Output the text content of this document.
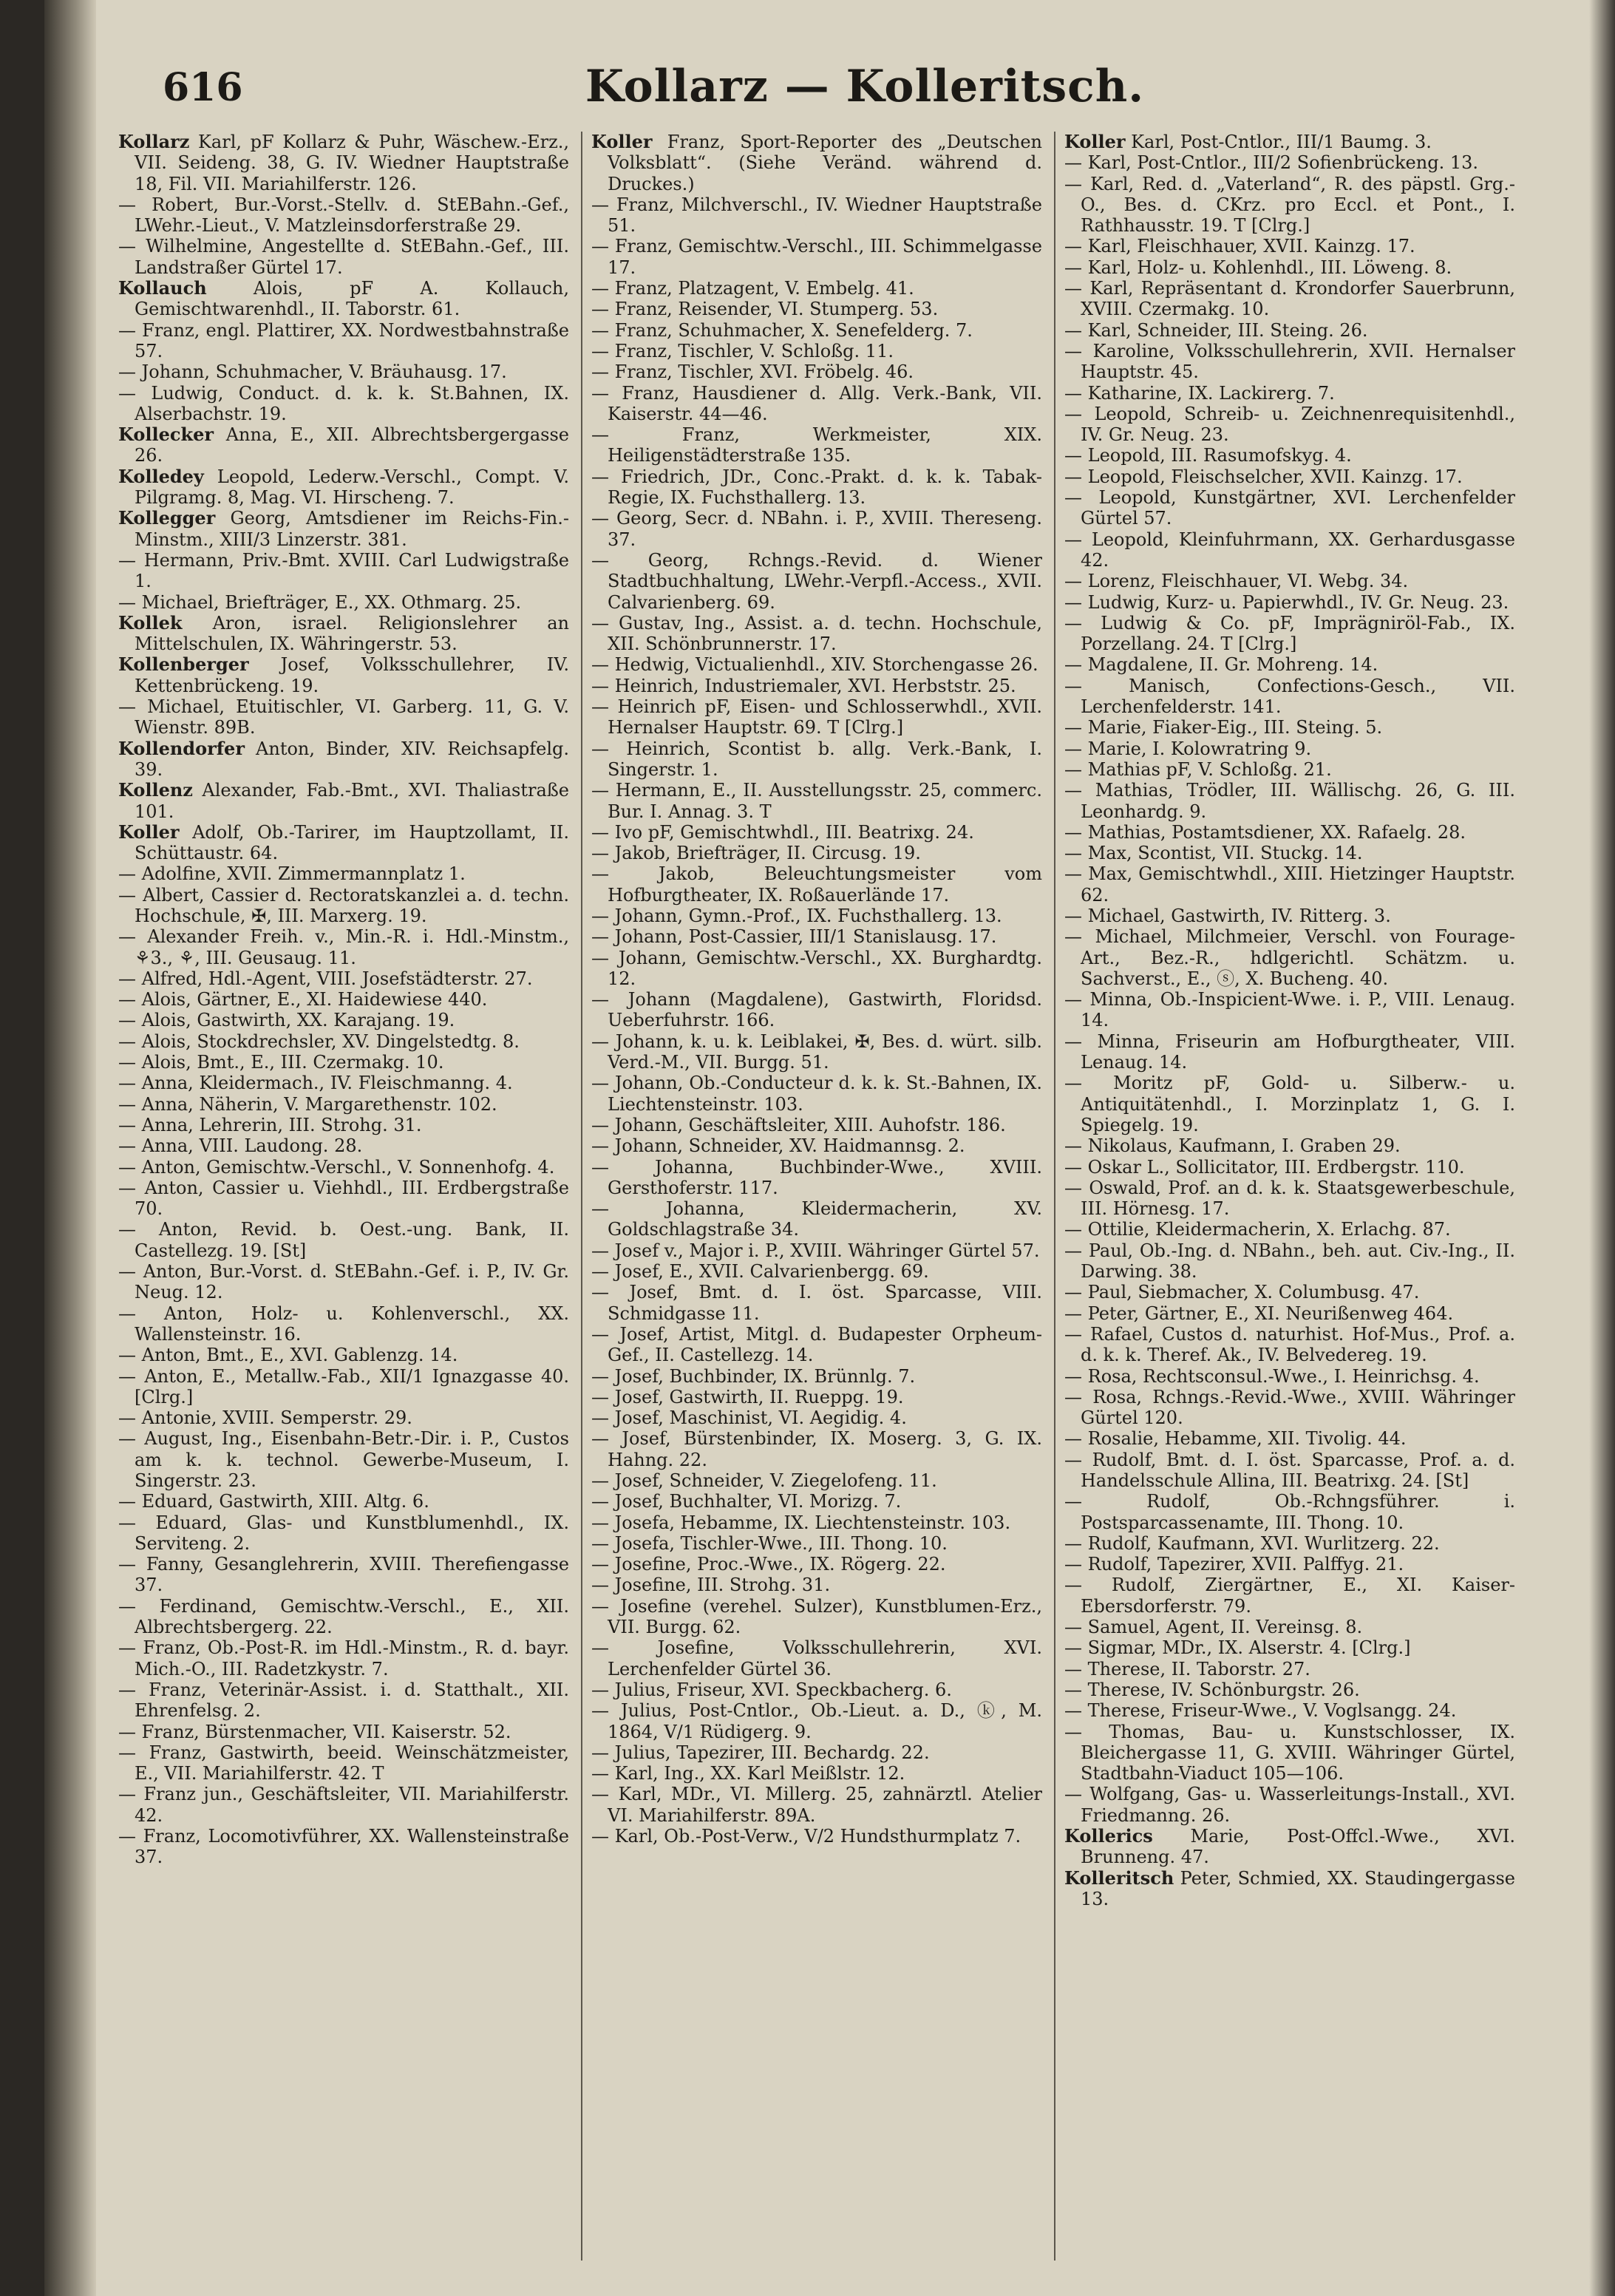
616	Kollarz — Kolleritsch.
Kollarz Karl, pF Kollarz & Puhr, Wäschew.-Erz., VII. Seideng. 38, G. IV. Wiedner Hauptstraße 18, Fil. VII. Mariahilferstr. 126.
— Robert, Bur.-Vorst.-Stellv. d. StEBahn.-Gef., LWehr.-Lieut., V. Matzleinsdorferstraße 29.
— Wilhelmine, Angestellte d. StEBahn.-Gef., III. Landstraßer Gürtel 17.
Kollauch Alois, pF A. Kollauch, Gemischtwarenhdl., II. Taborstr. 61.
— Franz, engl. Plattirer, XX. Nordwestbahnstraße 57.
— Johann, Schuhmacher, V. Bräuhausg. 17.
— Ludwig, Conduct. d. k. k. St.Bahnen, IX. Alserbachstr. 19.
Kollecker Anna, E., XII. Albrechtsbergergasse 26.
Kolledey Leopold, Lederw.-Verschl., Compt. V. Pilgramg. 8, Mag. VI. Hirscheng. 7.
Kollegger Georg, Amtsdiener im Reichs-Fin.-Minstm., XIII/3 Linzerstr. 381.
— Hermann, Priv.-Bmt. XVIII. Carl Ludwigstraße 1.
— Michael, Briefträger, E., XX. Othmarg. 25.
Kollek Aron, israel. Religionslehrer an Mittelschulen, IX. Währingerstr. 53.
Kollenberger Josef, Volksschullehrer, IV. Kettenbrückeng. 19.
— Michael, Etuitischler, VI. Garberg. 11, G. V. Wienstr. 89B.
Kollendorfer Anton, Binder, XIV. Reichsapfelg. 39.
Kollenz Alexander, Fab.-Bmt., XVI. Thaliastraße 101.
Koller Adolf, Ob.-Tarirer, im Hauptzollamt, II. Schüttaustr. 64.
— Adolfine, XVII. Zimmermannplatz 1.
— Albert, Cassier d. Rectoratskanzlei a. d. techn. Hochschule, ✠, III. Marxerg. 19.
— Alexander Freih. v., Min.-R. i. Hdl.-Minstm., ⚘3., ⚘, III. Geusaug. 11.
— Alfred, Hdl.-Agent, VIII. Josefstädterstr. 27.
— Alois, Gärtner, E., XI. Haidewiese 440.
— Alois, Gastwirth, XX. Karajang. 19.
— Alois, Stockdrechsler, XV. Dingelstedtg. 8.
— Alois, Bmt., E., III. Czermakg. 10.
— Anna, Kleidermach., IV. Fleischmanng. 4.
— Anna, Näherin, V. Margarethenstr. 102.
— Anna, Lehrerin, III. Strohg. 31.
— Anna, VIII. Laudong. 28.
— Anton, Gemischtw.-Verschl., V. Sonnenhofg. 4.
— Anton, Cassier u. Viehhdl., III. Erdbergstraße 70.
— Anton, Revid. b. Oest.-ung. Bank, II. Castellezg. 19. [St]
— Anton, Bur.-Vorst. d. StEBahn.-Gef. i. P., IV. Gr. Neug. 12.
— Anton, Holz- u. Kohlenverschl., XX. Wallensteinstr. 16.
— Anton, Bmt., E., XVI. Gablenzg. 14.
— Anton, E., Metallw.-Fab., XII/1 Ignazgasse 40. [Clrg.]
— Antonie, XVIII. Semperstr. 29.
— August, Ing., Eisenbahn-Betr.-Dir. i. P., Custos am k. k. technol. Gewerbe-Museum, I. Singerstr. 23.
— Eduard, Gastwirth, XIII. Altg. 6.
— Eduard, Glas- und Kunstblumenhdl., IX. Serviteng. 2.
— Fanny, Gesanglehrerin, XVIII. Therefiengasse 37.
— Ferdinand, Gemischtw.-Verschl., E., XII. Albrechtsbergerg. 22.
— Franz, Ob.-Post-R. im Hdl.-Minstm., R. d. bayr. Mich.-O., III. Radetzkystr. 7.
— Franz, Veterinär-Assist. i. d. Statthalt., XII. Ehrenfelsg. 2.
— Franz, Bürstenmacher, VII. Kaiserstr. 52.
— Franz, Gastwirth, beeid. Weinschätzmeister, E., VII. Mariahilferstr. 42. T
— Franz jun., Geschäftsleiter, VII. Mariahilferstr. 42.
— Franz, Locomotivführer, XX. Wallensteinstraße 37.
Koller Franz, Sport-Reporter des „Deutschen Volksblatt“. (Siehe Veränd. während d. Druckes.)
— Franz, Milchverschl., IV. Wiedner Hauptstraße 51.
— Franz, Gemischtw.-Verschl., III. Schimmelgasse 17.
— Franz, Platzagent, V. Embelg. 41.
— Franz, Reisender, VI. Stumperg. 53.
— Franz, Schuhmacher, X. Senefelderg. 7.
— Franz, Tischler, V. Schloßg. 11.
— Franz, Tischler, XVI. Fröbelg. 46.
— Franz, Hausdiener d. Allg. Verk.-Bank, VII. Kaiserstr. 44—46.
— Franz, Werkmeister, XIX. Heiligenstädterstraße 135.
— Friedrich, JDr., Conc.-Prakt. d. k. k. Tabak-Regie, IX. Fuchsthallerg. 13.
— Georg, Secr. d. NBahn. i. P., XVIII. Thereseng. 37.
— Georg, Rchngs.-Revid. d. Wiener Stadtbuchhaltung, LWehr.-Verpfl.-Access., XVII. Calvarienberg. 69.
— Gustav, Ing., Assist. a. d. techn. Hochschule, XII. Schönbrunnerstr. 17.
— Hedwig, Victualienhdl., XIV. Storchengasse 26.
— Heinrich, Industriemaler, XVI. Herbststr. 25.
— Heinrich pF, Eisen- und Schlosserwhdl., XVII. Hernalser Hauptstr. 69. T [Clrg.]
— Heinrich, Scontist b. allg. Verk.-Bank, I. Singerstr. 1.
— Hermann, E., II. Ausstellungsstr. 25, commerc. Bur. I. Annag. 3. T
— Ivo pF, Gemischtwhdl., III. Beatrixg. 24.
— Jakob, Briefträger, II. Circusg. 19.
— Jakob, Beleuchtungsmeister vom Hofburgtheater, IX. Roßauerlände 17.
— Johann, Gymn.-Prof., IX. Fuchsthallerg. 13.
— Johann, Post-Cassier, III/1 Stanislausg. 17.
— Johann, Gemischtw.-Verschl., XX. Burghardtg. 12.
— Johann (Magdalene), Gastwirth, Floridsd. Ueberfuhrstr. 166.
— Johann, k. u. k. Leiblakei, ✠, Bes. d. würt. silb. Verd.-M., VII. Burgg. 51.
— Johann, Ob.-Conducteur d. k. k. St.-Bahnen, IX. Liechtensteinstr. 103.
— Johann, Geschäftsleiter, XIII. Auhofstr. 186.
— Johann, Schneider, XV. Haidmannsg. 2.
— Johanna, Buchbinder-Wwe., XVIII. Gersthoferstr. 117.
— Johanna, Kleidermacherin, XV. Goldschlagstraße 34.
— Josef v., Major i. P., XVIII. Währinger Gürtel 57.
— Josef, E., XVII. Calvarienbergg. 69.
— Josef, Bmt. d. I. öst. Sparcasse, VIII. Schmidgasse 11.
— Josef, Artist, Mitgl. d. Budapester Orpheum-Gef., II. Castellezg. 14.
— Josef, Buchbinder, IX. Brünnlg. 7.
— Josef, Gastwirth, II. Rueppg. 19.
— Josef, Maschinist, VI. Aegidig. 4.
— Josef, Bürstenbinder, IX. Moserg. 3, G. IX. Hahng. 22.
— Josef, Schneider, V. Ziegelofeng. 11.
— Josef, Buchhalter, VI. Morizg. 7.
— Josefa, Hebamme, IX. Liechtensteinstr. 103.
— Josefa, Tischler-Wwe., III. Thong. 10.
— Josefine, Proc.-Wwe., IX. Rögerg. 22.
— Josefine, III. Strohg. 31.
— Josefine (verehel. Sulzer), Kunstblumen-Erz., VII. Burgg. 62.
— Josefine, Volksschullehrerin, XVI. Lerchenfelder Gürtel 36.
— Julius, Friseur, XVI. Speckbacherg. 6.
— Julius, Post-Cntlor., Ob.-Lieut. a. D., ⓚ, M. 1864, V/1 Rüdigerg. 9.
— Julius, Tapezirer, III. Bechardg. 22.
— Karl, Ing., XX. Karl Meißlstr. 12.
— Karl, MDr., VI. Millerg. 25, zahnärztl. Atelier VI. Mariahilferstr. 89A.
— Karl, Ob.-Post-Verw., V/2 Hundsthurmplatz 7.
Koller Karl, Post-Cntlor., III/1 Baumg. 3.
— Karl, Post-Cntlor., III/2 Sofienbrückeng. 13.
— Karl, Red. d. „Vaterland“, R. des päpstl. Grg.-O., Bes. d. CKrz. pro Eccl. et Pont., I. Rathhausstr. 19. T [Clrg.]
— Karl, Fleischhauer, XVII. Kainzg. 17.
— Karl, Holz- u. Kohlenhdl., III. Löweng. 8.
— Karl, Repräsentant d. Krondorfer Sauerbrunn, XVIII. Czermakg. 10.
— Karl, Schneider, III. Steing. 26.
— Karoline, Volksschullehrerin, XVII. Hernalser Hauptstr. 45.
— Katharine, IX. Lackirerg. 7.
— Leopold, Schreib- u. Zeichnenrequisitenhdl., IV. Gr. Neug. 23.
— Leopold, III. Rasumofskyg. 4.
— Leopold, Fleischselcher, XVII. Kainzg. 17.
— Leopold, Kunstgärtner, XVI. Lerchenfelder Gürtel 57.
— Leopold, Kleinfuhrmann, XX. Gerhardusgasse 42.
— Lorenz, Fleischhauer, VI. Webg. 34.
— Ludwig, Kurz- u. Papierwhdl., IV. Gr. Neug. 23.
— Ludwig & Co. pF, Imprägniröl-Fab., IX. Porzellang. 24. T [Clrg.]
— Magdalene, II. Gr. Mohreng. 14.
— Manisch, Confections-Gesch., VII. Lerchenfelderstr. 141.
— Marie, Fiaker-Eig., III. Steing. 5.
— Marie, I. Kolowratring 9.
— Mathias pF, V. Schloßg. 21.
— Mathias, Trödler, III. Wällischg. 26, G. III. Leonhardg. 9.
— Mathias, Postamtsdiener, XX. Rafaelg. 28.
— Max, Scontist, VII. Stuckg. 14.
— Max, Gemischtwhdl., XIII. Hietzinger Hauptstr. 62.
— Michael, Gastwirth, IV. Ritterg. 3.
— Michael, Milchmeier, Verschl. von Fourage-Art., Bez.-R., hdlgerichtl. Schätzm. u. Sachverst., E., ⓢ, X. Bucheng. 40.
— Minna, Ob.-Inspicient-Wwe. i. P., VIII. Lenaug. 14.
— Minna, Friseurin am Hofburgtheater, VIII. Lenaug. 14.
— Moritz pF, Gold- u. Silberw.- u. Antiquitätenhdl., I. Morzinplatz 1, G. I. Spiegelg. 19.
— Nikolaus, Kaufmann, I. Graben 29.
— Oskar L., Sollicitator, III. Erdbergstr. 110.
— Oswald, Prof. an d. k. k. Staatsgewerbeschule, III. Hörnesg. 17.
— Ottilie, Kleidermacherin, X. Erlachg. 87.
— Paul, Ob.-Ing. d. NBahn., beh. aut. Civ.-Ing., II. Darwing. 38.
— Paul, Siebmacher, X. Columbusg. 47.
— Peter, Gärtner, E., XI. Neurißenweg 464.
— Rafael, Custos d. naturhist. Hof-Mus., Prof. a. d. k. k. Theref. Ak., IV. Belvedereg. 19.
— Rosa, Rechtsconsul.-Wwe., I. Heinrichsg. 4.
— Rosa, Rchngs.-Revid.-Wwe., XVIII. Währinger Gürtel 120.
— Rosalie, Hebamme, XII. Tivolig. 44.
— Rudolf, Bmt. d. I. öst. Sparcasse, Prof. a. d. Handelsschule Allina, III. Beatrixg. 24. [St]
— Rudolf, Ob.-Rchngsführer. i. Postsparcassenamte, III. Thong. 10.
— Rudolf, Kaufmann, XVI. Wurlitzerg. 22.
— Rudolf, Tapezirer, XVII. Palffyg. 21.
— Rudolf, Ziergärtner, E., XI. Kaiser-Ebersdorferstr. 79.
— Samuel, Agent, II. Vereinsg. 8.
— Sigmar, MDr., IX. Alserstr. 4. [Clrg.]
— Therese, II. Taborstr. 27.
— Therese, IV. Schönburgstr. 26.
— Therese, Friseur-Wwe., V. Voglsangg. 24.
— Thomas, Bau- u. Kunstschlosser, IX. Bleichergasse 11, G. XVIII. Währinger Gürtel, Stadtbahn-Viaduct 105—106.
— Wolfgang, Gas- u. Wasserleitungs-Install., XVI. Friedmanng. 26.
Kollerics Marie, Post-Offcl.-Wwe., XVI. Brunneng. 47.
Kolleritsch Peter, Schmied, XX. Staudingergasse 13.
